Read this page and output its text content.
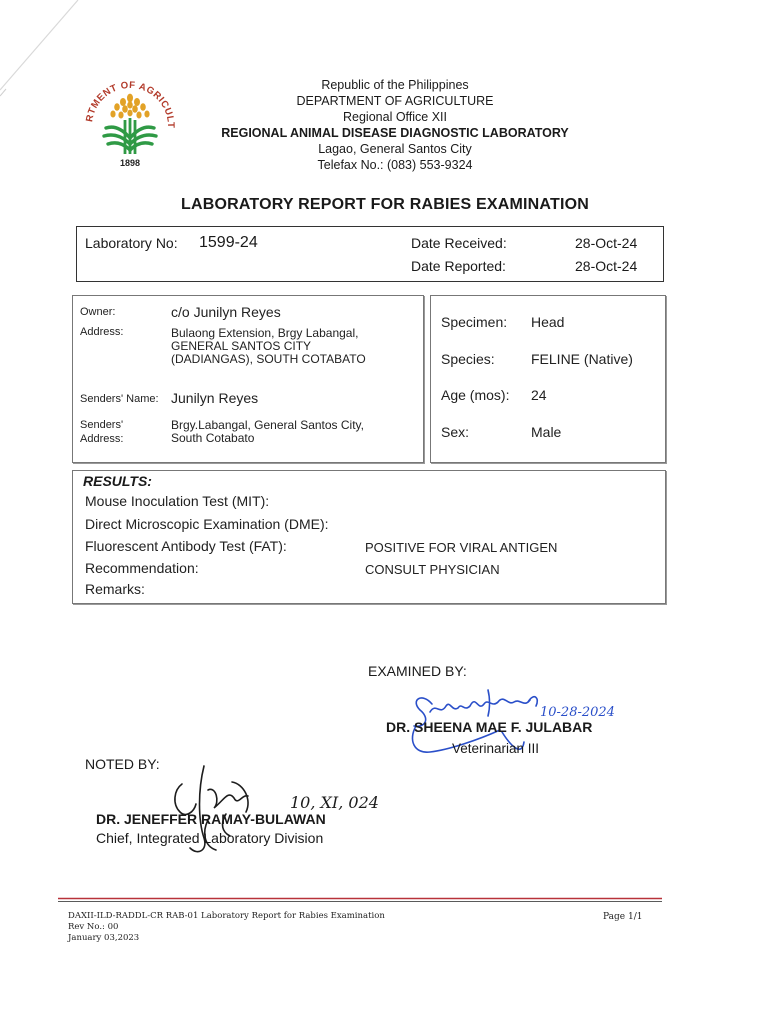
RTMENT OF AGRICULT
1898
Republic of the Philippines
DEPARTMENT OF AGRICULTURE
Regional Office XII
REGIONAL ANIMAL DISEASE DIAGNOSTIC LABORATORY
Lagao, General Santos City
Telefax No.: (083) 553-9324
LABORATORY REPORT FOR RABIES EXAMINATION
Laboratory No: 1599-24	Date Received:	28-Oct-24
Date Reported:	28-Oct-24
Owner:	c/o Junilyn Reyes
Address:	Bulaong Extension, Brgy Labangal,
GENERAL SANTOS CITY
(DADIANGAS), SOUTH COTABATO
Senders' Name: Junilyn Reyes
Senders'
Address:
Brgy.Labangal, General Santos City,
South Cotabato
Specimen: Head
Species:	FELINE (Native)
Age (mos): 24
Sex:	Male
RESULTS:
Mouse Inoculation Test (MIT):
Direct Microscopic Examination (DME):
Fluorescent Antibody Test (FAT):	POSITIVE FOR VIRAL ANTIGEN
Recommendation:	CONSULT PHYSICIAN
Remarks:
EXAMINED BY:
10-28-2024
DR. SHEENA MAE F. JULABAR
Veterinarian III
NOTED BY:
10, XI, 024
DR. JENEFFER RAMAY-BULAWAN
Chief, Integrated Laboratory Division
DAXII-ILD-RADDL-CR RAB-01 Laboratory Report for Rabies Examination
Rev No.: 00
January 03,2023
Page 1/1
